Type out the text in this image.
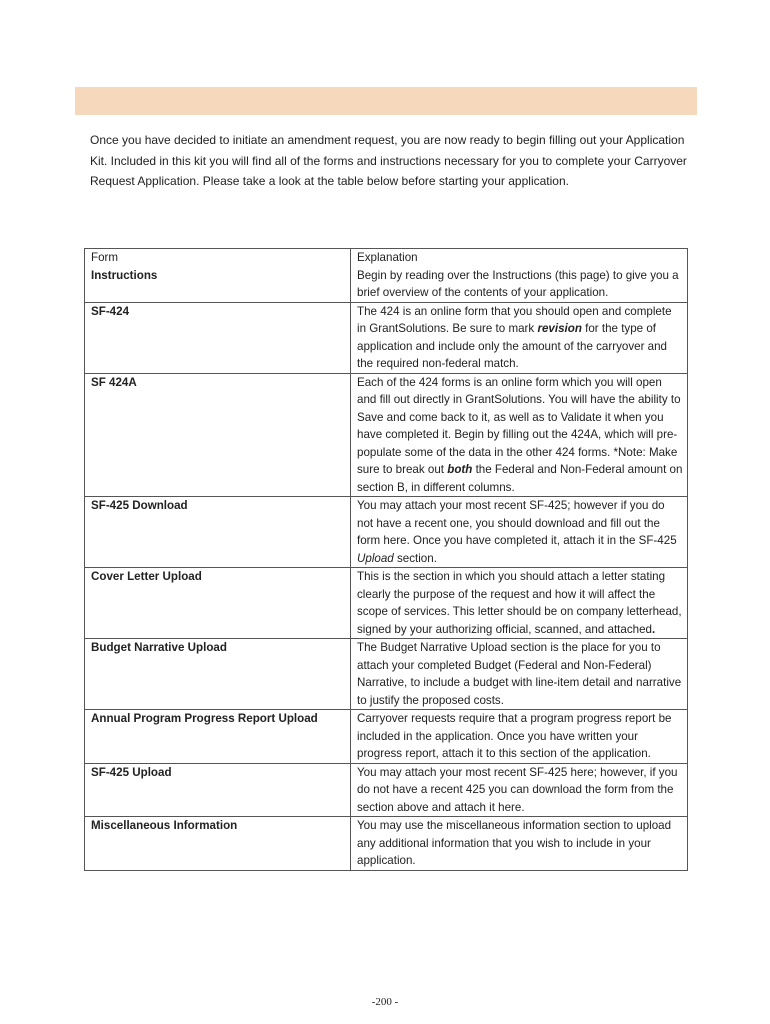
Once you have decided to initiate an amendment request, you are now ready to begin filling out your Application Kit. Included in this kit you will find all of the forms and instructions necessary for you to complete your Carryover Request Application. Please take a look at the table below before starting your application.

Form	Explanation
Instructions	Begin by reading over the Instructions (this page) to give you a brief overview of the contents of your application.
SF-424	The 424 is an online form that you should open and complete in GrantSolutions. Be sure to mark revision for the type of application and include only the amount of the carryover and the required non-federal match.
SF 424A	Each of the 424 forms is an online form which you will open and fill out directly in GrantSolutions. You will have the ability to Save and come back to it, as well as to Validate it when you have completed it. Begin by filling out the 424A, which will pre-populate some of the data in the other 424 forms. *Note: Make sure to break out both the Federal and Non-Federal amount on section B, in different columns.
SF-425 Download	You may attach your most recent SF-425; however if you do not have a recent one, you should download and fill out the form here. Once you have completed it, attach it in the SF-425 Upload section.
Cover Letter Upload	This is the section in which you should attach a letter stating clearly the purpose of the request and how it will affect the scope of services. This letter should be on company letterhead, signed by your authorizing official, scanned, and attached.
Budget Narrative Upload	The Budget Narrative Upload section is the place for you to attach your completed Budget (Federal and Non-Federal) Narrative, to include a budget with line-item detail and narrative to justify the proposed costs.
Annual Program Progress Report Upload	Carryover requests require that a program progress report be included in the application. Once you have written your progress report, attach it to this section of the application.
SF-425 Upload	You may attach your most recent SF-425 here; however, if you do not have a recent 425 you can download the form from the section above and attach it here.
Miscellaneous Information	You may use the miscellaneous information section to upload any additional information that you wish to include in your application.
-200 -
